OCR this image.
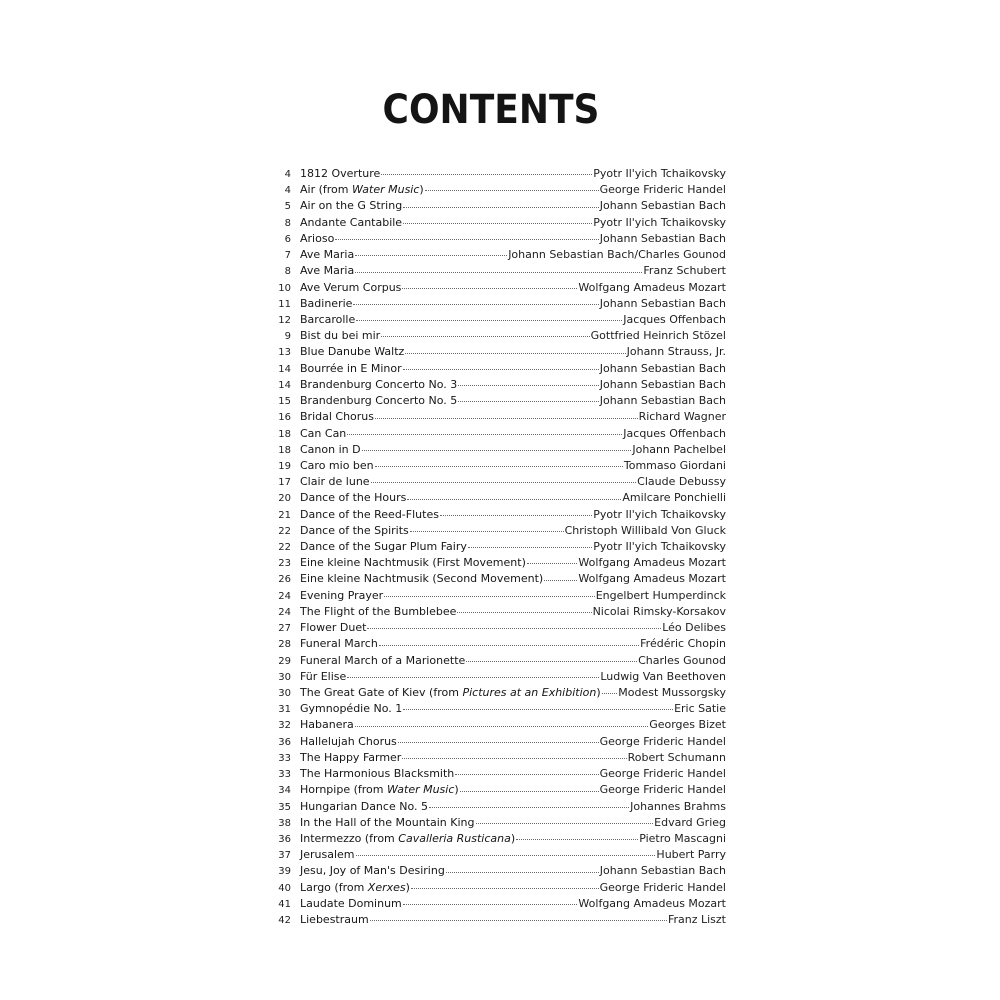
CONTENTS
4 1812 Overture	Pyotr Il'yich Tchaikovsky
4 Air (from Water Music)	George Frideric Handel
5 Air on the G String	Johann Sebastian Bach
8 Andante Cantabile	Pyotr Il'yich Tchaikovsky
6 Arioso	Johann Sebastian Bach
7 Ave Maria	Johann Sebastian Bach/Charles Gounod
8 Ave Maria	Franz Schubert
10 Ave Verum Corpus	Wolfgang Amadeus Mozart
11 Badinerie	Johann Sebastian Bach
12 Barcarolle	Jacques Offenbach
9 Bist du bei mir	Gottfried Heinrich Stözel
13 Blue Danube Waltz	Johann Strauss, Jr.
14 Bourrée in E Minor	Johann Sebastian Bach
14 Brandenburg Concerto No. 3	Johann Sebastian Bach
15 Brandenburg Concerto No. 5	Johann Sebastian Bach
16 Bridal Chorus	Richard Wagner
18 Can Can	Jacques Offenbach
18 Canon in D	Johann Pachelbel
19 Caro mio ben	Tommaso Giordani
17 Clair de lune	Claude Debussy
20 Dance of the Hours	Amilcare Ponchielli
21 Dance of the Reed-Flutes	Pyotr Il'yich Tchaikovsky
22 Dance of the Spirits	Christoph Willibald Von Gluck
22 Dance of the Sugar Plum Fairy	Pyotr Il'yich Tchaikovsky
23 Eine kleine Nachtmusik (First Movement)	Wolfgang Amadeus Mozart
26 Eine kleine Nachtmusik (Second Movement)	Wolfgang Amadeus Mozart
24 Evening Prayer	Engelbert Humperdinck
24 The Flight of the Bumblebee	Nicolai Rimsky-Korsakov
27 Flower Duet	Léo Delibes
28 Funeral March	Frédéric Chopin
29 Funeral March of a Marionette	Charles Gounod
30 Für Elise	Ludwig Van Beethoven
30 The Great Gate of Kiev (from Pictures at an Exhibition) Modest Mussorgsky
31 Gymnopédie No. 1	Eric Satie
32 Habanera	Georges Bizet
36 Hallelujah Chorus	George Frideric Handel
33 The Happy Farmer	Robert Schumann
33 The Harmonious Blacksmith	George Frideric Handel
34 Hornpipe (from Water Music)	George Frideric Handel
35 Hungarian Dance No. 5	Johannes Brahms
38 In the Hall of the Mountain King	Edvard Grieg
36 Intermezzo (from Cavalleria Rusticana)	Pietro Mascagni
37 Jerusalem	Hubert Parry
39 Jesu, Joy of Man's Desiring	Johann Sebastian Bach
40 Largo (from Xerxes)	George Frideric Handel
41 Laudate Dominum	Wolfgang Amadeus Mozart
42 Liebestraum	Franz Liszt
